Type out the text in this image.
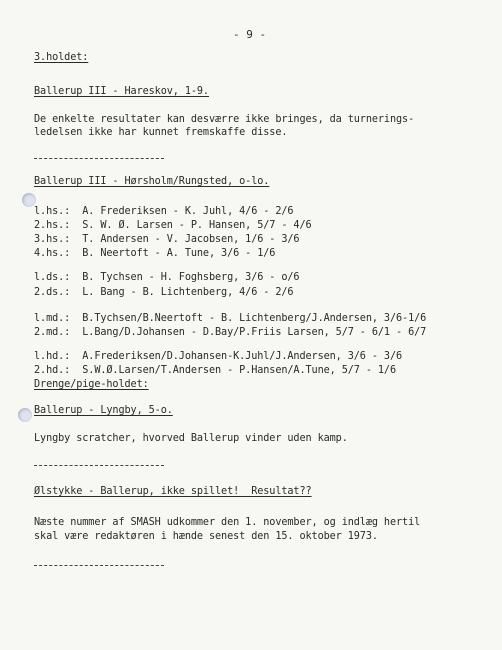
- 9 -
3.holdet:
Ballerup III - Hareskov, 1-9.
De enkelte resultater kan desværre ikke bringes, da turnerings-
ledelsen ikke har kunnet fremskaffe disse.
Ballerup III - Hørsholm/Rungsted, o-lo.
l.hs.:  A. Frederiksen - K. Juhl, 4/6 - 2/6
2.hs.:  S. W. Ø. Larsen - P. Hansen, 5/7 - 4/6
3.hs.:  T. Andersen - V. Jacobsen, 1/6 - 3/6
4.hs.:  B. Neertoft - A. Tune, 3/6 - 1/6
l.ds.:  B. Tychsen - H. Foghsberg, 3/6 - o/6
2.ds.:  L. Bang - B. Lichtenberg, 4/6 - 2/6
l.md.:  B.Tychsen/B.Neertoft - B. Lichtenberg/J.Andersen, 3/6-1/6
2.md.:  L.Bang/D.Johansen - D.Bay/P.Friis Larsen, 5/7 - 6/1 - 6/7
l.hd.:  A.Frederiksen/D.Johansen-K.Juhl/J.Andersen, 3/6 - 3/6
2.hd.:  S.W.Ø.Larsen/T.Andersen - P.Hansen/A.Tune, 5/7 - 1/6
Drenge/pige-holdet:
Ballerup - Lyngby, 5-o.
Lyngby scratcher, hvorved Ballerup vinder uden kamp.
Ølstykke - Ballerup, ikke spillet!  Resultat??
Næste nummer af SMASH udkommer den 1. november, og indlæg hertil
skal være redaktøren i hænde senest den 15. oktober 1973.
